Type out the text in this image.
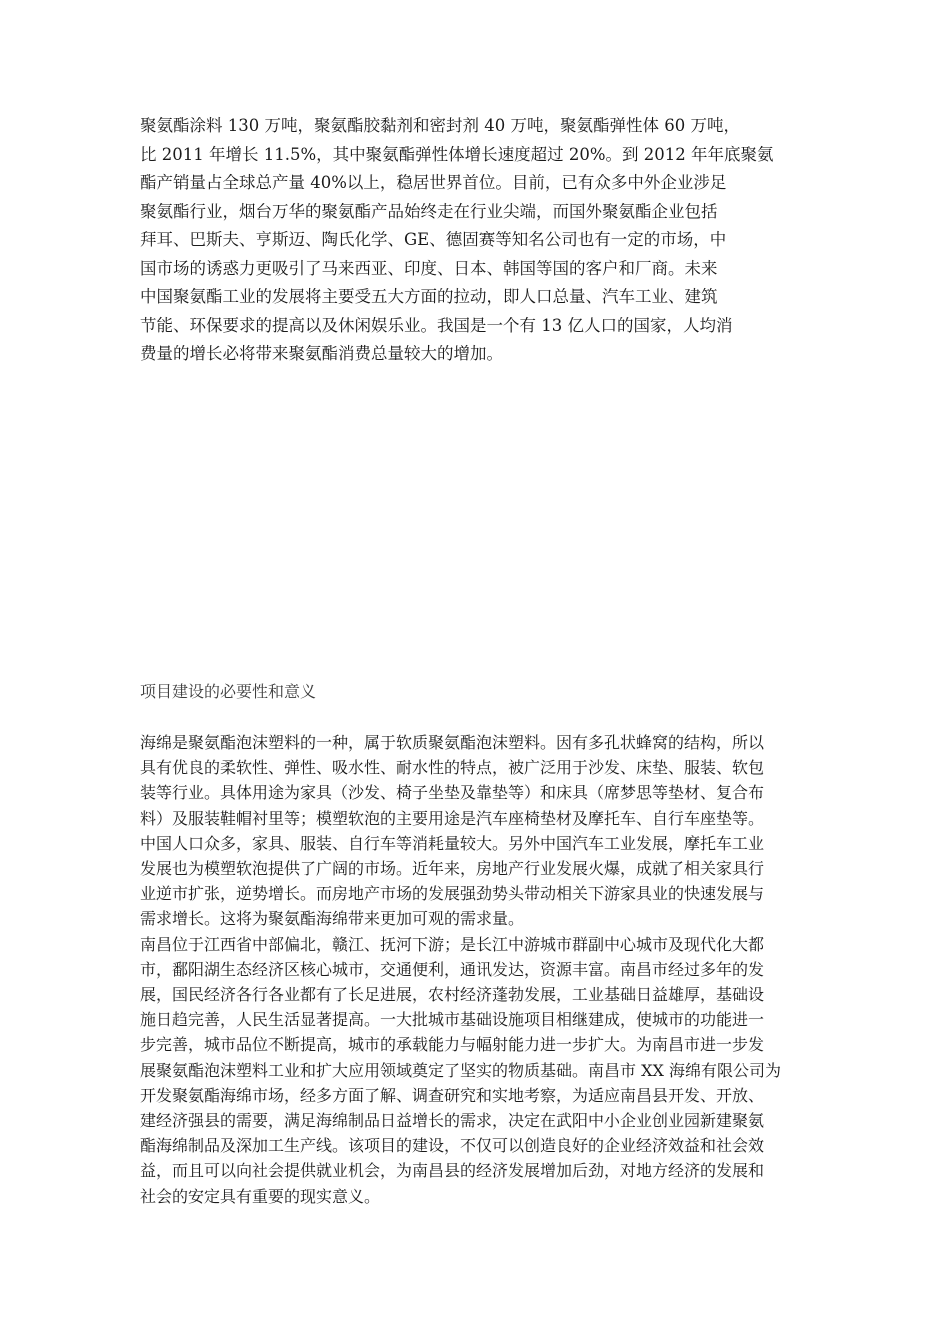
聚氨酯涂料 130 万吨，聚氨酯胶黏剂和密封剂 40 万吨，聚氨酯弹性体 60 万吨，
比 2011 年增长 11.5%，其中聚氨酯弹性体增长速度超过 20%。到 2012 年年底聚氨
酯产销量占全球总产量 40%以上，稳居世界首位。目前，已有众多中外企业涉足
聚氨酯行业，烟台万华的聚氨酯产品始终走在行业尖端，而国外聚氨酯企业包括
拜耳、巴斯夫、亨斯迈、陶氏化学、GE、德固赛等知名公司也有一定的市场，中
国市场的诱惑力更吸引了马来西亚、印度、日本、韩国等国的客户和厂商。未来
中国聚氨酯工业的发展将主要受五大方面的拉动，即人口总量、汽车工业、建筑
节能、环保要求的提高以及休闲娱乐业。我国是一个有 13 亿人口的国家，人均消
费量的增长必将带来聚氨酯消费总量较大的增加。
项目建设的必要性和意义
海绵是聚氨酯泡沫塑料的一种，属于软质聚氨酯泡沫塑料。因有多孔状蜂窝的结构，所以
具有优良的柔软性、弹性、吸水性、耐水性的特点，被广泛用于沙发、床垫、服装、软包
装等行业。具体用途为家具（沙发、椅子坐垫及靠垫等）和床具（席梦思等垫材、复合布
料）及服装鞋帽衬里等；模塑软泡的主要用途是汽车座椅垫材及摩托车、自行车座垫等。
中国人口众多，家具、服装、自行车等消耗量较大。另外中国汽车工业发展，摩托车工业
发展也为模塑软泡提供了广阔的市场。近年来，房地产行业发展火爆，成就了相关家具行
业逆市扩张，逆势增长。而房地产市场的发展强劲势头带动相关下游家具业的快速发展与
需求增长。这将为聚氨酯海绵带来更加可观的需求量。
南昌位于江西省中部偏北，赣江、抚河下游；是长江中游城市群副中心城市及现代化大都
市，鄱阳湖生态经济区核心城市，交通便利，通讯发达，资源丰富。南昌市经过多年的发
展，国民经济各行各业都有了长足进展，农村经济蓬勃发展，工业基础日益雄厚，基础设
施日趋完善，人民生活显著提高。一大批城市基础设施项目相继建成，使城市的功能进一
步完善，城市品位不断提高，城市的承载能力与幅射能力进一步扩大。为南昌市进一步发
展聚氨酯泡沫塑料工业和扩大应用领域奠定了坚实的物质基础。南昌市 XX 海绵有限公司为
开发聚氨酯海绵市场，经多方面了解、调查研究和实地考察，为适应南昌县开发、开放、
建经济强县的需要，满足海绵制品日益增长的需求，决定在武阳中小企业创业园新建聚氨
酯海绵制品及深加工生产线。该项目的建设，不仅可以创造良好的企业经济效益和社会效
益，而且可以向社会提供就业机会，为南昌县的经济发展增加后劲，对地方经济的发展和
社会的安定具有重要的现实意义。
